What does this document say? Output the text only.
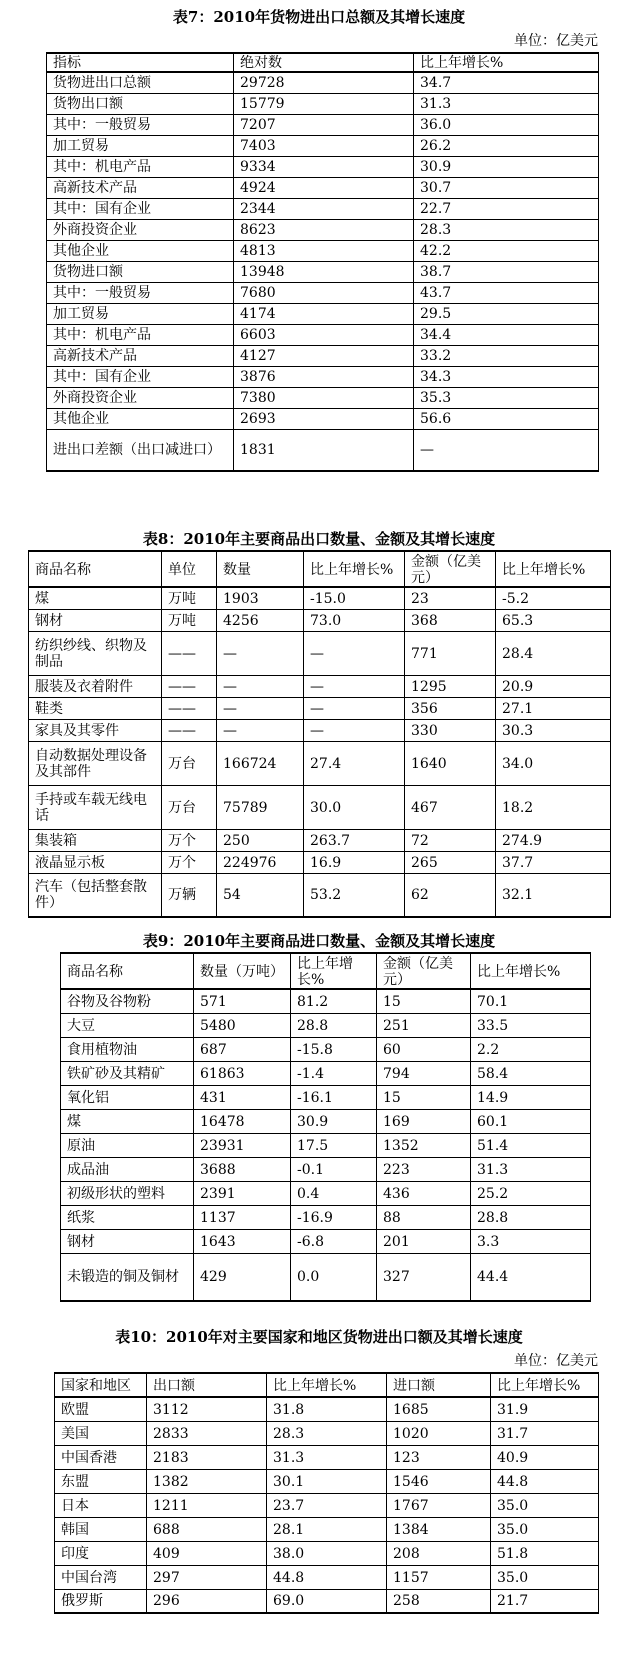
表7：2010年货物进出口总额及其增长速度
单位：亿美元
指标	绝对数	比上年增长%
货物进出口总额	29728	34.7
货物出口额	15779	31.3
其中：一般贸易	7207	36.0
加工贸易	7403	26.2
其中：机电产品	9334	30.9
高新技术产品	4924	30.7
其中：国有企业	2344	22.7
外商投资企业	8623	28.3
其他企业	4813	42.2
货物进口额	13948	38.7
其中：一般贸易	7680	43.7
加工贸易	4174	29.5
其中：机电产品	6603	34.4
高新技术产品	4127	33.2
其中：国有企业	3876	34.3
外商投资企业	7380	35.3
其他企业	2693	56.6
进出口差额（出口减进口）	1831	—
表8：2010年主要商品出口数量、金额及其增长速度
商品名称	单位	数量	比上年增长%	金额（亿美元）	比上年增长%
煤	万吨	1903	-15.0	23	-5.2
钢材	万吨	4256	73.0	368	65.3
纺织纱线、织物及制品	——	—	—	771	28.4
服装及衣着附件	——	—	—	1295	20.9
鞋类	——	—	—	356	27.1
家具及其零件	——	—	—	330	30.3
自动数据处理设备及其部件	万台	166724	27.4	1640	34.0
手持或车载无线电话	万台	75789	30.0	467	18.2
集装箱	万个	250	263.7	72	274.9
液晶显示板	万个	224976	16.9	265	37.7
汽车（包括整套散件）	万辆	54	53.2	62	32.1
表9：2010年主要商品进口数量、金额及其增长速度
商品名称	数量（万吨）	比上年增长%	金额（亿美元）	比上年增长%
谷物及谷物粉	571	81.2	15	70.1
大豆	5480	28.8	251	33.5
食用植物油	687	-15.8	60	2.2
铁矿砂及其精矿	61863	-1.4	794	58.4
氧化铝	431	-16.1	15	14.9
煤	16478	30.9	169	60.1
原油	23931	17.5	1352	51.4
成品油	3688	-0.1	223	31.3
初级形状的塑料	2391	0.4	436	25.2
纸浆	1137	-16.9	88	28.8
钢材	1643	-6.8	201	3.3
未锻造的铜及铜材	429	0.0	327	44.4
表10：2010年对主要国家和地区货物进出口额及其增长速度
单位：亿美元
国家和地区	出口额	比上年增长%	进口额	比上年增长%
欧盟	3112	31.8	1685	31.9
美国	2833	28.3	1020	31.7
中国香港	2183	31.3	123	40.9
东盟	1382	30.1	1546	44.8
日本	1211	23.7	1767	35.0
韩国	688	28.1	1384	35.0
印度	409	38.0	208	51.8
中国台湾	297	44.8	1157	35.0
俄罗斯	296	69.0	258	21.7
